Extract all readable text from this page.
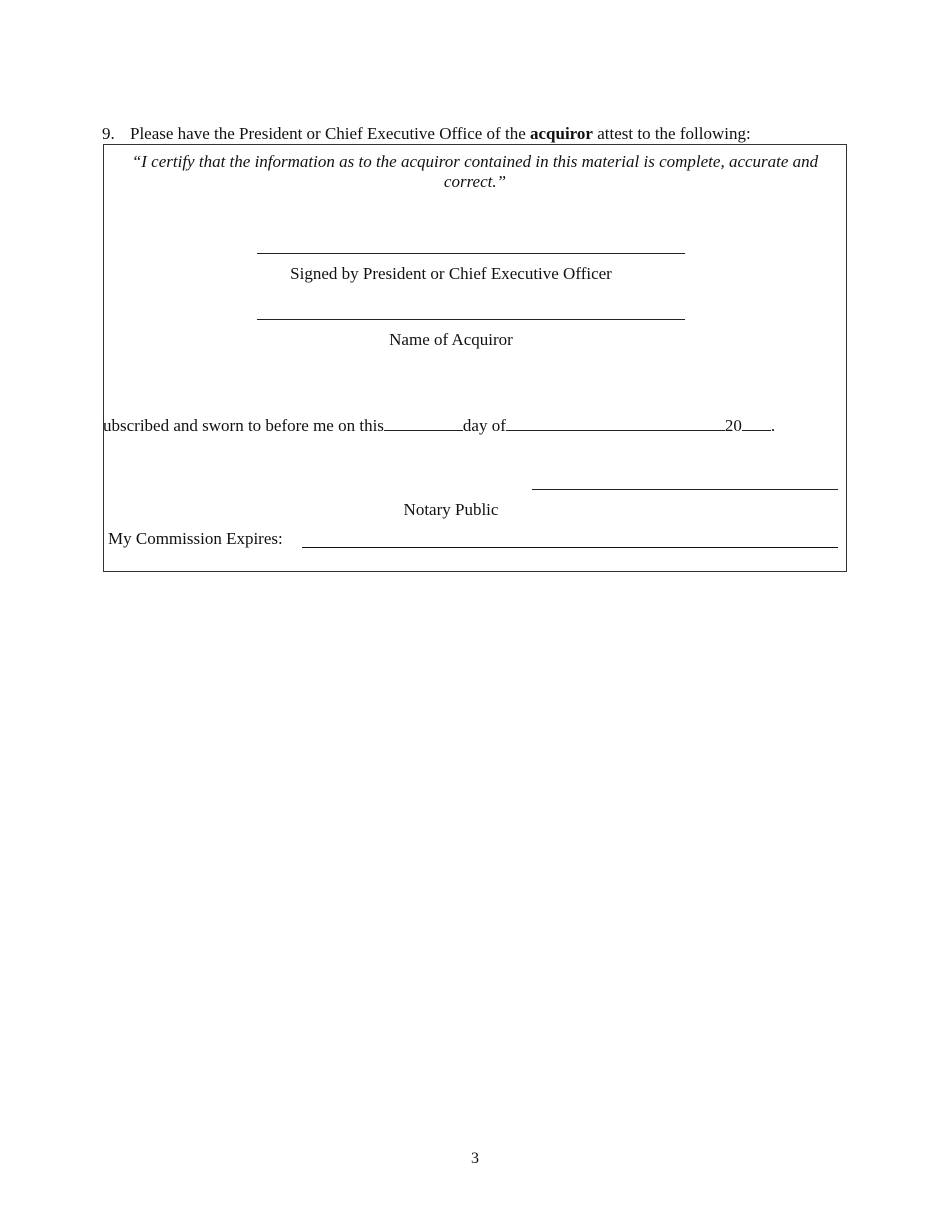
9. Please have the President or Chief Executive Office of the acquiror attest to the following:
“I certify that the information as to the acquiror contained in this material is complete, accurate and
correct.”
Signed by President or Chief Executive Officer
Name of Acquiror
ubscribed and sworn to before me on this	day of	20 .
Notary Public
My Commission Expires:
3
